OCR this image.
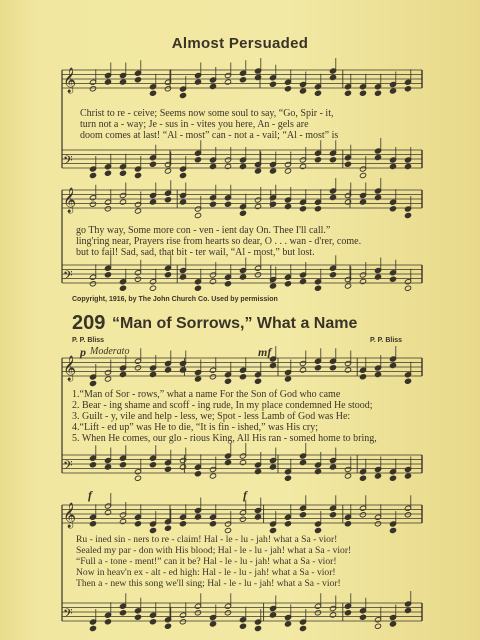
𝄞
𝄢
𝄞
𝄢
𝄞
𝄢
𝄞
𝄢
Almost Persuaded
Christ to re - ceive; Seems now some soul to say, “Go, Spir - it,
turn not a - way; Je - sus in - vites you here, An - gels are
doom comes at last! “Al - most” can - not a - vail; “Al - most” is
go Thy way, Some more con - ven - ient day On. Thee I'll call.”
ling'ring near, Prayers rise from hearts so dear, O . . . wan - d'rer, come.
but to fail! Sad, sad, that bit - ter wail, “Al - most,” but lost.
Copyright, 1916, by The John Church Co. Used by permission
209 “Man of Sorrows,” What a Name
P. P. Bliss	P. P. Bliss
p Moderato	mf
1.“Man of Sor - rows,” what a name For the Son of God who came
2. Bear - ing shame and scoff - ing rude, In my place condemned He stood;
3. Guilt - y, vile and help - less, we; Spot - less Lamb of God was He:
4.“Lift - ed up” was He to die, “It is fin - ished,” was His cry;
5. When He comes, our glo - rious King, All His ran - somed home to bring,
f	f
Ru - ined sin - ners to re - claim! Hal - le - lu - jah! what a Sa - vior!
Sealed my par - don with His blood; Hal - le - lu - jah! what a Sa - vior!
“Full a - tone - ment!” can it be? Hal - le - lu - jah! what a Sa - vior!
Now in heav'n ex - alt - ed high: Hal - le - lu - jah! what a Sa - vior!
Then a - new this song we'll sing; Hal - le - lu - jah! what a Sa - vior!
